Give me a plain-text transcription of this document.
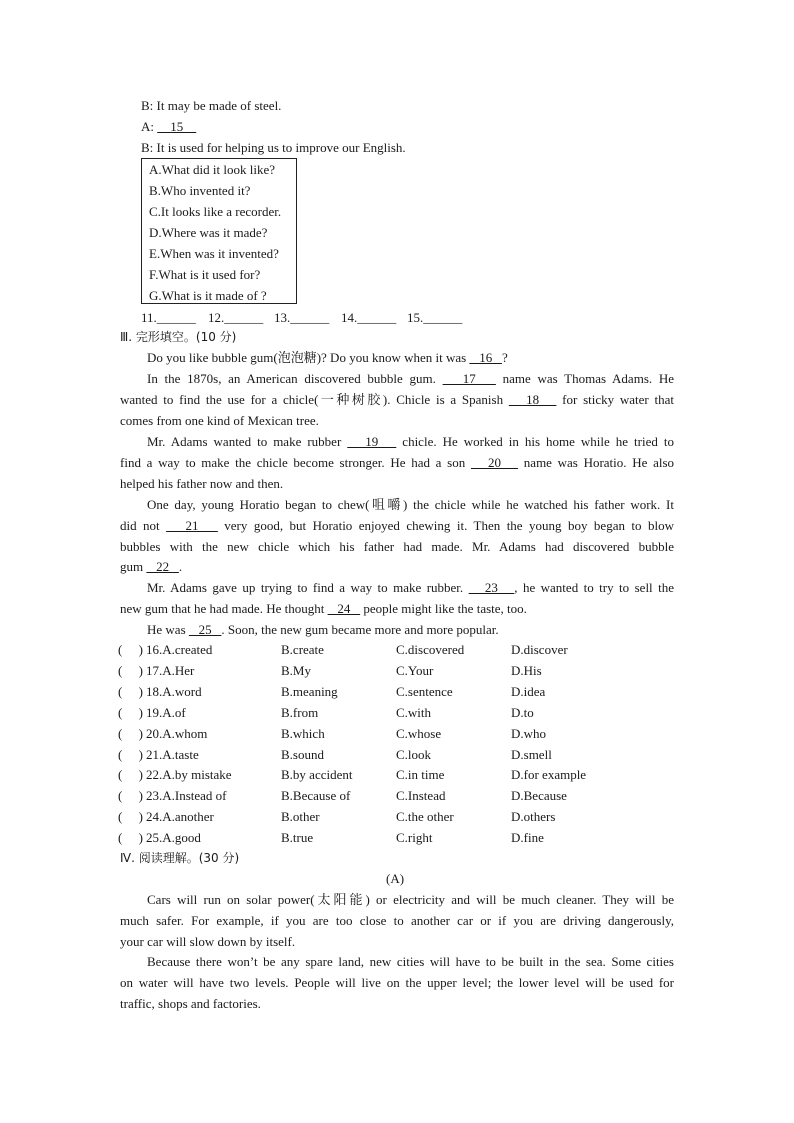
B: It may be made of steel.
A:     15
B: It is used for helping us to improve our English.
A.What did it look like?
B.Who invented it?
C.It looks like a recorder.
D.Where was it made?
E.When was it invented?
F.What is it used for?
G.What is it made of ?
11.______ 12.______ 13.______ 14.______ 15.______
Ⅲ. 完形填空。(10 分)
Do you like bubble gum(泡泡糖)? Do you know when it was    16   ?
In the 1870s, an American discovered bubble gum.    17    name was Thomas Adams. He
wanted to find the use for a chicle(一种树胶). Chicle is a Spanish    18    for sticky water that
comes from one kind of Mexican tree.
Mr. Adams wanted to make rubber    19    chicle. He worked in his home while he tried to
find a way to make the chicle become stronger. He had a son    20    name was Horatio. He also
helped his father now and then.
One day, young Horatio began to chew(咀嚼) the chicle while he watched his father work. It
did not    21    very good, but Horatio enjoyed chewing it. Then the young boy began to blow
bubbles with the new chicle which his father had made. Mr. Adams had discovered bubble
gum    22   .
Mr. Adams gave up trying to find a way to make rubber.    23   , he wanted to try to sell the
new gum that he had made. He thought    24    people might like the taste, too.
He was    25   . Soon, the new gum became more and more popular.
(     ) 16.A.created	B.create	C.discovered	D.discover
(     ) 17.A.Her	B.My	C.Your	D.His
(     ) 18.A.word	B.meaning	C.sentence	D.idea
(     ) 19.A.of	B.from	C.with	D.to
(     ) 20.A.whom	B.which	C.whose	D.who
(     ) 21.A.taste	B.sound	C.look	D.smell
(     ) 22.A.by mistake	B.by accident	C.in time	D.for example
(     ) 23.A.Instead of	B.Because of	C.Instead	D.Because
(     ) 24.A.another	B.other	C.the other	D.others
(     ) 25.A.good	B.true	C.right	D.fine
Ⅳ. 阅读理解。(30 分)
(A)
Cars will run on solar power(太阳能) or electricity and will be much cleaner. They will be
much safer. For example, if you are too close to another car or if you are driving dangerously,
your car will slow down by itself.
Because there won’t be any spare land, new cities will have to be built in the sea. Some cities
on water will have two levels. People will live on the upper level; the lower level will be used for
traffic, shops and factories.
